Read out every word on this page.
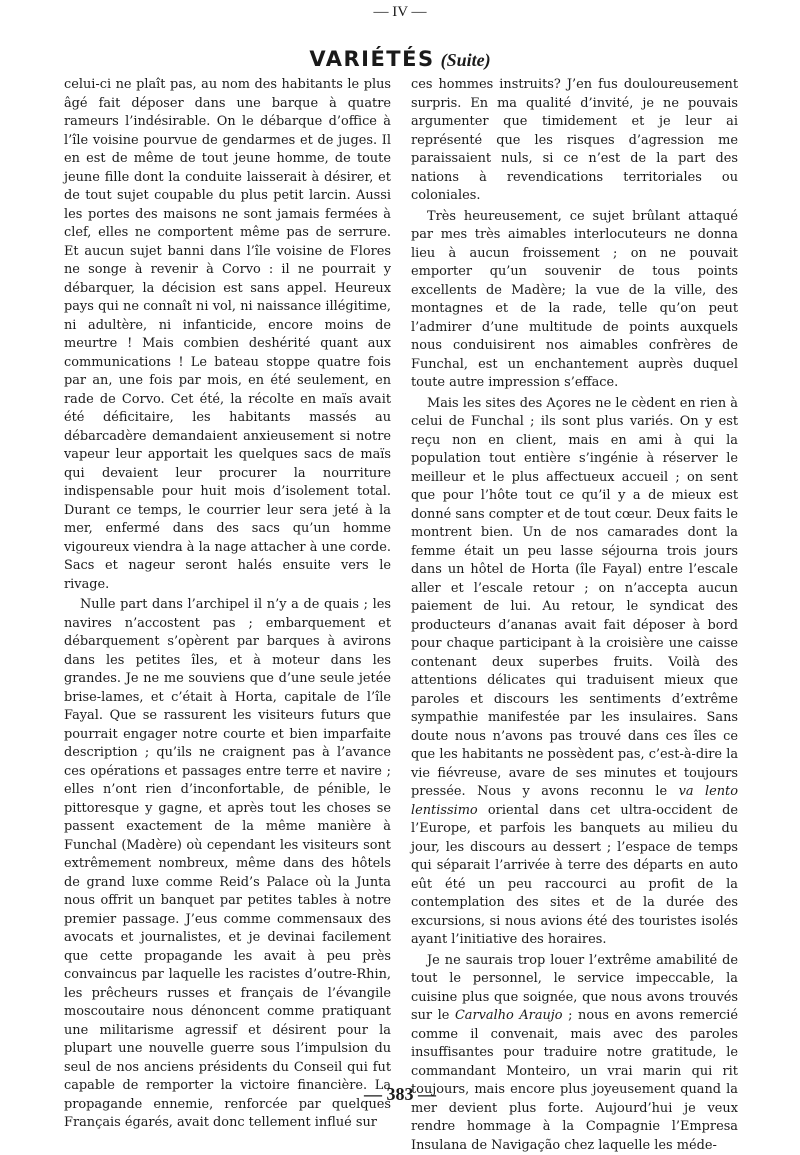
— IV —
VARIÉTÉS (Suite)

celui-ci ne plaît pas, au nom des habitants le plus âgé fait déposer dans une barque à quatre rameurs l’indésirable. On le débarque d’office à l’île voisine pourvue de gendarmes et de juges. Il en est de même de tout jeune homme, de toute jeune fille dont la conduite laisserait à désirer, et de tout sujet coupable du plus petit larcin. Aussi les portes des maisons ne sont jamais fermées à clef, elles ne comportent même pas de serrure. Et aucun sujet banni dans l’île voisine de Flores ne songe à revenir à Corvo : il ne pourrait y débarquer, la décision est sans appel. Heureux pays qui ne connaît ni vol, ni naissance illégitime, ni adultère, ni infanticide, encore moins de meurtre ! Mais combien deshérité quant aux communications ! Le bateau stoppe quatre fois par an, une fois par mois, en été seulement, en rade de Corvo. Cet été, la récolte en maïs avait été déficitaire, les habitants massés au débarcadère demandaient anxieusement si notre vapeur leur apportait les quelques sacs de maïs qui devaient leur procurer la nourriture indispensable pour huit mois d’isolement total. Durant ce temps, le courrier leur sera jeté à la mer, enfermé dans des sacs qu’un homme vigoureux viendra à la nage attacher à une corde. Sacs et nageur seront halés ensuite vers le rivage.

Nulle part dans l’archipel il n’y a de quais ; les navires n’accostent pas ; embarquement et débarquement s’opèrent par barques à avirons dans les petites îles, et à moteur dans les grandes. Je ne me souviens que d’une seule jetée brise-lames, et c’était à Horta, capitale de l’île Fayal. Que se rassurent les visiteurs futurs que pourrait engager notre courte et bien imparfaite description ; qu’ils ne craignent pas à l’avance ces opérations et passages entre terre et navire ; elles n’ont rien d’inconfortable, de pénible, le pittoresque y gagne, et après tout les choses se passent exactement de la même manière à Funchal (Madère) où cependant les visiteurs sont extrêmement nombreux, même dans des hôtels de grand luxe comme Reid’s Palace où la Junta nous offrit un banquet par petites tables à notre premier passage. J’eus comme commensaux des avocats et journalistes, et je devinai facilement que cette propagande les avait à peu près convaincus par laquelle les racistes d’outre-Rhin, les prêcheurs russes et français de l’évangile moscoutaire nous dénoncent comme pratiquant une militarisme agressif et désirent pour la plupart une nouvelle guerre sous l’impulsion du seul de nos anciens présidents du Conseil qui fut capable de remporter la victoire financière. La propagande ennemie, renforcée par quelques Français égarés, avait donc tellement influé sur

ces hommes instruits? J’en fus douloureusement surpris. En ma qualité d’invité, je ne pouvais argumenter que timidement et je leur ai représenté que les risques d’agression me paraissaient nuls, si ce n’est de la part des nations à revendications territoriales ou coloniales.

Très heureusement, ce sujet brûlant attaqué par mes très aimables interlocuteurs ne donna lieu à aucun froissement ; on ne pouvait emporter qu’un souvenir de tous points excellents de Madère; la vue de la ville, des montagnes et de la rade, telle qu’on peut l’admirer d’une multitude de points auxquels nous conduisirent nos aimables confrères de Funchal, est un enchantement auprès duquel toute autre impression s’efface.

Mais les sites des Açores ne le cèdent en rien à celui de Funchal ; ils sont plus variés. On y est reçu non en client, mais en ami à qui la population tout entière s’ingénie à réserver le meilleur et le plus affectueux accueil ; on sent que pour l’hôte tout ce qu’il y a de mieux est donné sans compter et de tout cœur. Deux faits le montrent bien. Un de nos camarades dont la femme était un peu lasse séjourna trois jours dans un hôtel de Horta (île Fayal) entre l’escale aller et l’escale retour ; on n’accepta aucun paiement de lui. Au retour, le syndicat des producteurs d’ananas avait fait déposer à bord pour chaque participant à la croisière une caisse contenant deux superbes fruits. Voilà des attentions délicates qui traduisent mieux que paroles et discours les sentiments d’extrême sympathie manifestée par les insulaires. Sans doute nous n’avons pas trouvé dans ces îles ce que les habitants ne possèdent pas, c’est-à-dire la vie fiévreuse, avare de ses minutes et toujours pressée. Nous y avons reconnu le va lento lentissimo oriental dans cet ultra-occident de l’Europe, et parfois les banquets au milieu du jour, les discours au dessert ; l’espace de temps qui séparait l’arrivée à terre des départs en auto eût été un peu raccourci au profit de la contemplation des sites et de la durée des excursions, si nous avions été des touristes isolés ayant l’initiative des horaires.

Je ne saurais trop louer l’extrême amabilité de tout le personnel, le service impeccable, la cuisine plus que soignée, que nous avons trouvés sur le Carvalho Araujo ; nous en avons remercié comme il convenait, mais avec des paroles insuffisantes pour traduire notre gratitude, le commandant Monteiro, un vrai marin qui rit toujours, mais encore plus joyeusement quand la mer devient plus forte. Aujourd’hui je veux rendre hommage à la Compagnie l’Empresa Insulana de Navigação chez laquelle les méde-

— 383 —
